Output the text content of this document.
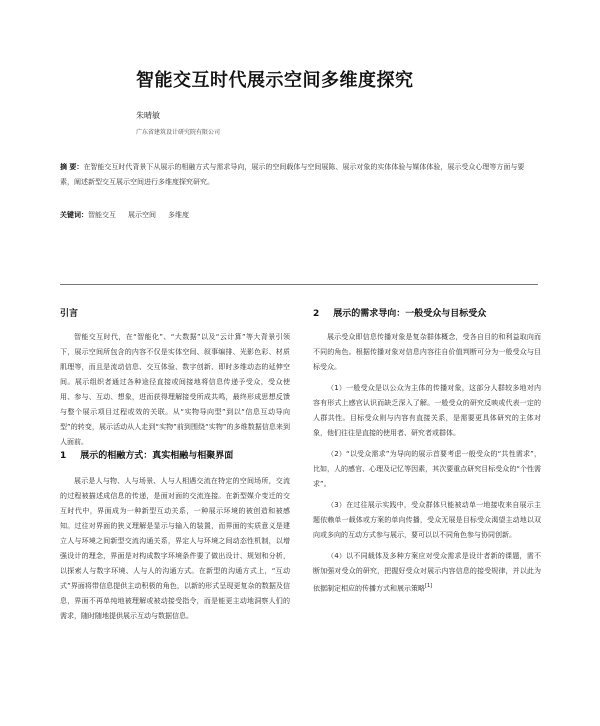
智能交互时代展示空间多维度探究
朱晴敏
广东省建筑设计研究院有限公司
摘 要：在智能交互时代背景下从展示的相融方式与需求导向，展示的空间载体与空间展陈、展示对象的实体体验与媒体体验，展示受众心理等方面与要素，阐述新型交互展示空间进行多维度探究研究。
关键词：智能交互 展示空间 多维度
引言

智能交互时代，在“智能化”、“大数据”以及“云计算”等大背景引领下，展示空间所包含的内容不仅是实体空间、叙事编排、光影色彩、材质肌理等，而且是流动信息、交互体验、数字创新、即时多维动态的延伸空间。展示组织者通过各种途径直接或间接地将信息传递予受众，受众使用、参与、互动、想象，进而获得理解接受所成共鸣，最终形成思想反馈与整个展示项目过程或效的关联。从“实物导向型”到以“信息互动导向型”的转变，展示活动从人走到“实物”前到围绕“实物”的多维数据信息来到人面前。

1 展示的相融方式：真实相融与相聚界面

展示是人与物、人与场景、人与人相遇交流在特定的空间场所，交流的过程被描述成信息的传递，是面对面的交流连接。在新型媒介变迁的交互时代中，界面成为一种新型互动关系，一种展示环境的被创造和被感知。过往对界面的狭义理解是显示与输入的装置，而界面的实质意义是建立人与环境之间新型交流沟通关系，界定人与环境之间动态性机制，以增强设计的理念，界面是对构成数字环境条件要了做出设计、规划和分析，以探索人与数字环境、人与人的沟通方式。在新型的沟通方式上，“互动式”界面将带信息提供主动积极的角色，以新的形式呈现更复杂的数据及信息，界面不再单纯地被理解或被动接受指令，而是能更主动地洞察人们的需求，随时随地提供展示互动与数据信息。

2 展示的需求导向：一般受众与目标受众

展示受众即信息传播对象是复杂群体概念，受各自目的和利益取向而不同的角色。根据传播对象对信息内容往自价值判断可分为一般受众与目标受众。

（1）一般受众是以公众为主体的传播对象，这部分人群较多地对内容有形式上感官认识而缺乏深入了解。一般受众的研究反映或代表一定的人群共性。目标受众则与内容有直接关系，是需要更具体研究的主体对象，他们往往是直接的使用者、研究者或群体。

（2）“以受众需求”为导向的展示首要考虑一般受众的“共性需求”，比如，人的感官、心理及记忆等因素，其次要重点研究目标受众的“个性需求”。

（3）在过往展示实践中，受众群体只能被动单一地接收来自展示主题依赖单一载体或方案的单向传播，受众无展是目标受众渴望主动地以双向或多向的互动方式参与展示，要可以以不同角色参与协同创新。

（4）以不同载体及多种方案应对受众需求是设计者新的课题，需不断加强对受众的研究，把握好受众对展示内容信息的接受规律，并以此为依据制定相应的传播方式和展示策略[1]
